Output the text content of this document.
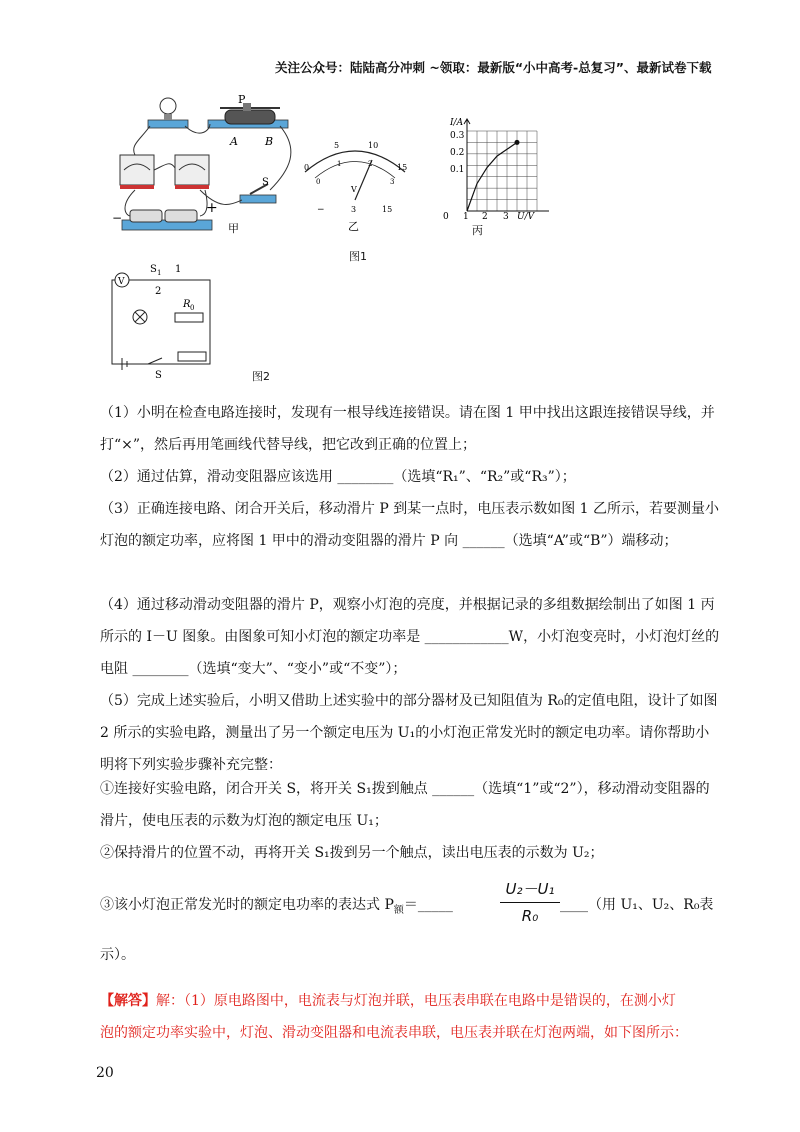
关注公众号：陆陆高分冲刺 ~领取：最新版“小中高考-总复习”、最新试卷下载
−
+
P
A B
S
甲
0
5	10
15
0
1	2
3
V
−	3	15
乙
0.3
0.2
0.1
I/A
0 1 2 3 U/V
丙
图1
V
S 1 1
2
R 0
S	图2
（1）小明在检查电路连接时，发现有一根导线连接错误。请在图 1 甲中找出这跟连接错误导线，并打“×”，然后再用笔画线代替导线，把它改到正确的位置上；
（2）通过估算，滑动变阻器应该选用 ________（选填“R₁”、“R₂”或“R₃”）；
（3）正确连接电路、闭合开关后，移动滑片 P 到某一点时，电压表示数如图 1 乙所示，若要测量小灯泡的额定功率，应将图 1 甲中的滑动变阻器的滑片 P 向 ______（选填“A”或“B”）端移动；
（4）通过移动滑动变阻器的滑片 P，观察小灯泡的亮度，并根据记录的多组数据绘制出了如图 1 丙所示的 I－U 图象。由图象可知小灯泡的额定功率是 ____________W，小灯泡变亮时，小灯泡灯丝的电阻 ________（选填“变大”、“变小”或“不变”）；
（5）完成上述实验后，小明又借助上述实验中的部分器材及已知阻值为 R₀的定值电阻，设计了如图 2 所示的实验电路，测量出了另一个额定电压为 U₁的小灯泡正常发光时的额定电功率。请你帮助小明将下列实验步骤补充完整：
①连接好实验电路，闭合开关 S，将开关 S₁拨到触点 ______（选填“1”或“2”），移动滑动变阻器的滑片，使电压表的示数为灯泡的额定电压 U₁；
②保持滑片的位置不动，再将开关 S₁拨到另一个触点，读出电压表的示数为 U₂；
③该小灯泡正常发光时的额定电功率的表达式 $P_额=\_\_\_\_\_$	$\frac{\text{U₂－U₁}}{\text{R₀}}$ ____（用 U₁、U₂、R₀表
示）。
【解答】解：（1）原电路图中，电流表与灯泡并联，电压表串联在电路中是错误的，在测小灯
泡的额定功率实验中，灯泡、滑动变阻器和电流表串联，电压表并联在灯泡两端，如下图所示：
20
